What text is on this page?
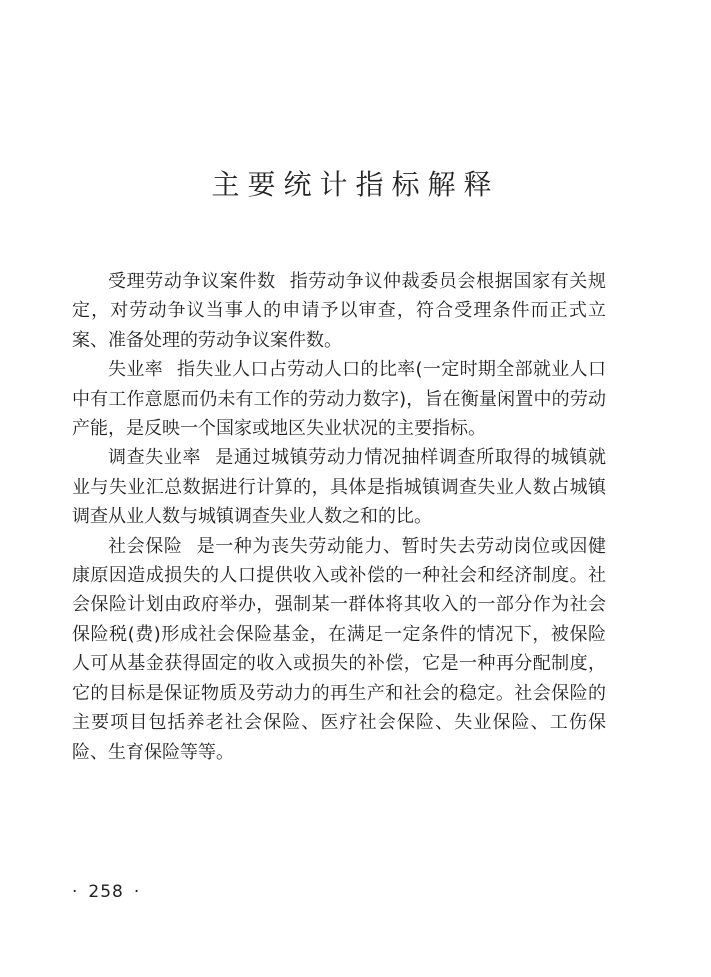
主要统计指标解释

受理劳动争议案件数 指劳动争议仲裁委员会根据国家有关规定，对劳动争议当事人的申请予以审查，符合受理条件而正式立案、准备处理的劳动争议案件数。

失业率 指失业人口占劳动人口的比率(一定时期全部就业人口中有工作意愿而仍未有工作的劳动力数字)，旨在衡量闲置中的劳动产能，是反映一个国家或地区失业状况的主要指标。

调查失业率 是通过城镇劳动力情况抽样调查所取得的城镇就业与失业汇总数据进行计算的，具体是指城镇调查失业人数占城镇调查从业人数与城镇调查失业人数之和的比。

社会保险 是一种为丧失劳动能力、暂时失去劳动岗位或因健康原因造成损失的人口提供收入或补偿的一种社会和经济制度。社会保险计划由政府举办，强制某一群体将其收入的一部分作为社会保险税(费)形成社会保险基金，在满足一定条件的情况下，被保险人可从基金获得固定的收入或损失的补偿，它是一种再分配制度，它的目标是保证物质及劳动力的再生产和社会的稳定。社会保险的主要项目包括养老社会保险、医疗社会保险、失业保险、工伤保险、生育保险等等。

· 258 ·
